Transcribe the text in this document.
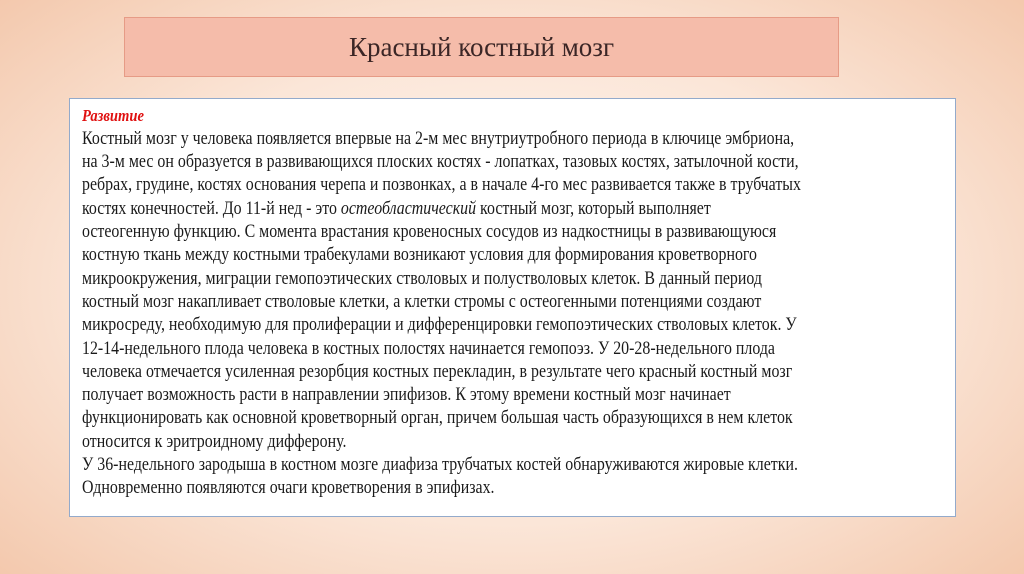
Красный костный мозг
Развитие
Костный мозг у человека появляется впервые на 2-м мес внутриутробного периода в ключице эмбриона,
на 3-м мес он образуется в развивающихся плоских костях - лопатках, тазовых костях, затылочной кости,
ребрах, грудине, костях основания черепа и позвонках, а в начале 4-го мес развивается также в трубчатых
костях конечностей. До 11-й нед - это остеобластический костный мозг, который выполняет
остеогенную функцию. С момента врастания кровеносных сосудов из надкостницы в развивающуюся
костную ткань между костными трабекулами возникают условия для формирования кроветворного
микроокружения, миграции гемопоэтических стволовых и полустволовых клеток. В данный период
костный мозг накапливает стволовые клетки, а клетки стромы с остеогенными потенциями создают
микросреду, необходимую для пролиферации и дифференцировки гемопоэтических стволовых клеток. У
12-14-недельного плода человека в костных полостях начинается гемопоэз. У 20-28-недельного плода
человека отмечается усиленная резорбция костных перекладин, в результате чего красный костный мозг
получает возможность расти в направлении эпифизов. К этому времени костный мозг начинает
функционировать как основной кроветворный орган, причем большая часть образующихся в нем клеток
относится к эритроидному дифферону.
У 36-недельного зародыша в костном мозге диафиза трубчатых костей обнаруживаются жировые клетки.
Одновременно появляются очаги кроветворения в эпифизах.
